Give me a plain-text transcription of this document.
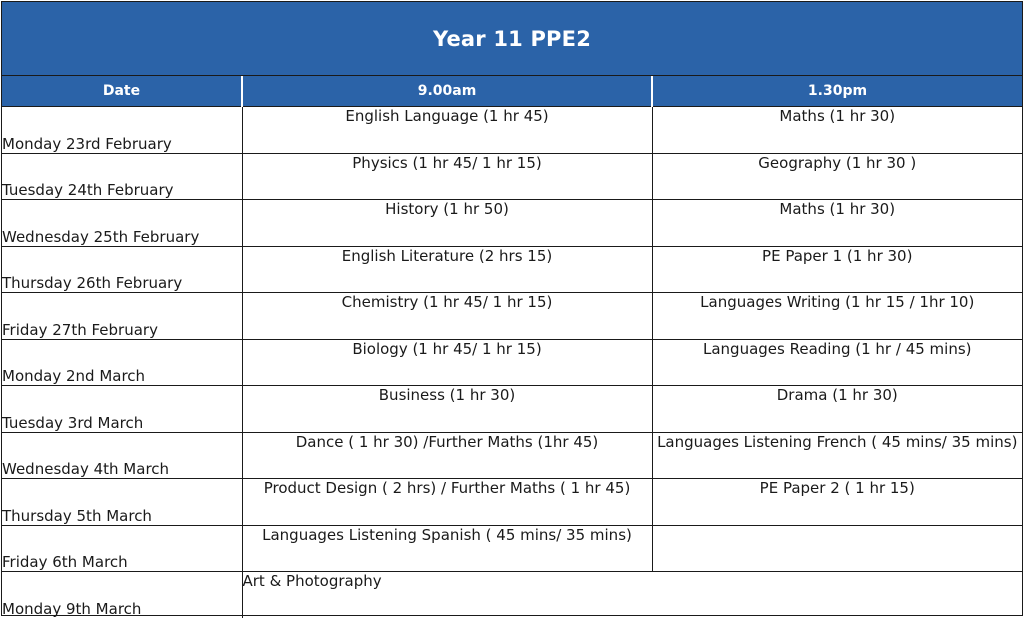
Year 11 PPE2
Date	9.00am	1.30pm
Monday 23rd February	English Language (1 hr 45)	Maths (1 hr 30)
Tuesday 24th February	Physics (1 hr 45/ 1 hr 15)	Geography (1 hr 30 )
Wednesday 25th February	History (1 hr 50)	Maths (1 hr 30)
Thursday 26th February	English Literature (2 hrs 15)	PE Paper 1 (1 hr 30)
Friday 27th February	Chemistry (1 hr 45/ 1 hr 15)	Languages Writing (1 hr 15 / 1hr 10)
Monday 2nd March	Biology (1 hr 45/ 1 hr 15)	Languages Reading (1 hr / 45 mins)
Tuesday 3rd March	Business (1 hr 30)	Drama (1 hr 30)
Wednesday 4th March	Dance ( 1 hr 30) /Further Maths (1hr 45)	Languages Listening French ( 45 mins/ 35 mins)
Thursday 5th March	Product Design ( 2 hrs) / Further Maths ( 1 hr 45)	PE Paper 2 ( 1 hr 15)
Friday 6th March	Languages Listening Spanish ( 45 mins/ 35 mins)	
Monday 9th March	Art & Photography	
